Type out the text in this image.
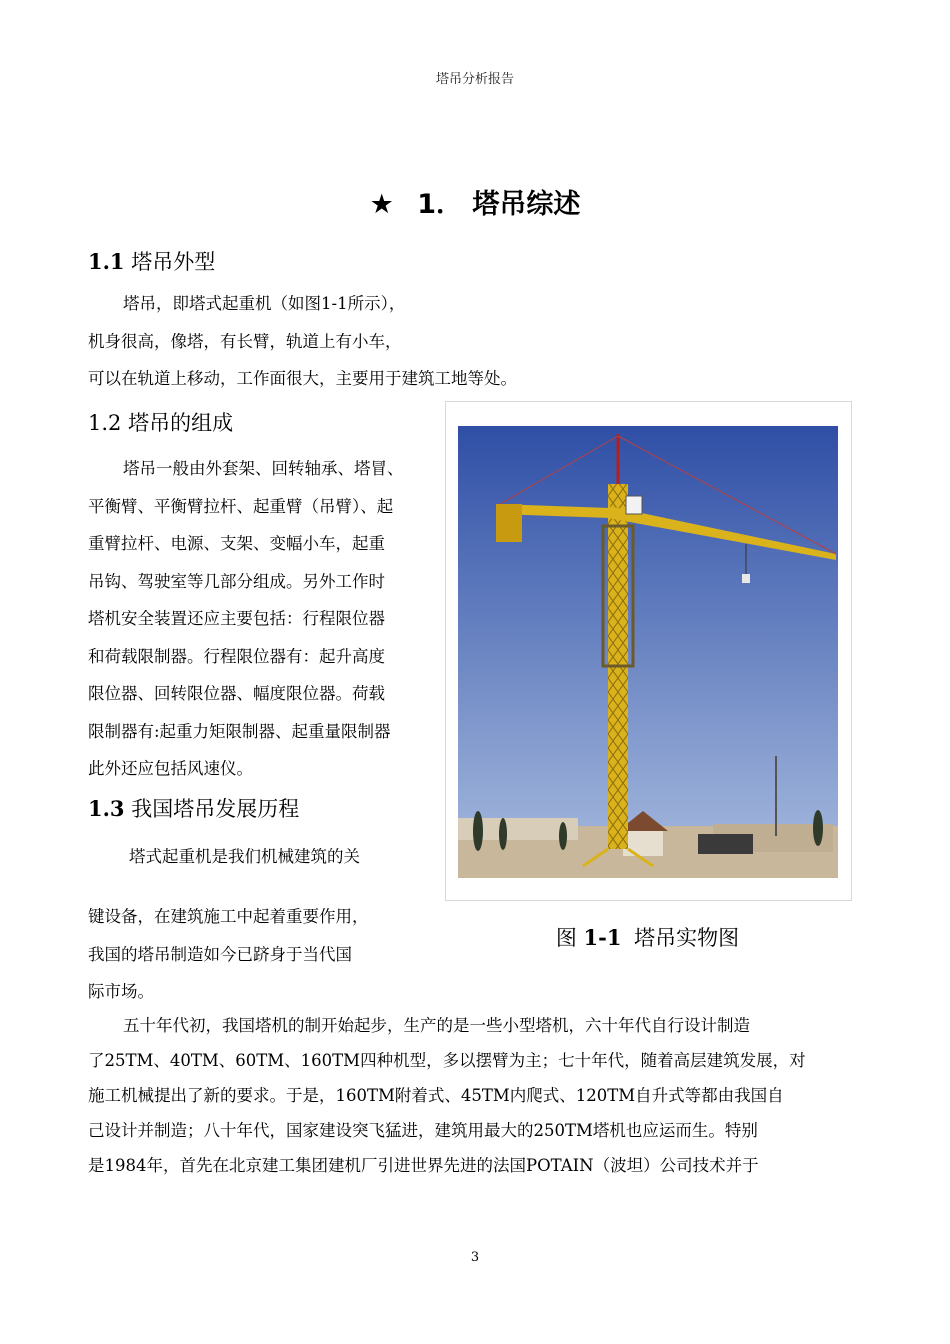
塔吊分析报告
★ 1． 塔吊综述
1.1 塔吊外型
塔吊，即塔式起重机（如图1-1所示），
机身很高，像塔，有长臂，轨道上有小车，
可以在轨道上移动，工作面很大，主要用于建筑工地等处。
1.2 塔吊的组成
塔吊一般由外套架、回转轴承、塔冒、
平衡臂、平衡臂拉杆、起重臂（吊臂）、起
重臂拉杆、电源、支架、变幅小车，起重
吊钩、驾驶室等几部分组成。另外工作时
塔机安全装置还应主要包括：行程限位器
和荷载限制器。行程限位器有：起升高度
限位器、回转限位器、幅度限位器。荷载
限制器有:起重力矩限制器、起重量限制器
此外还应包括风速仪。
1.3 我国塔吊发展历程
塔式起重机是我们机械建筑的关
键设备，在建筑施工中起着重要作用，
我国的塔吊制造如今已跻身于当代国
际市场。
五十年代初，我国塔机的制开始起步，生产的是一些小型塔机，六十年代自行设计制造
了25TM、40TM、60TM、160TM四种机型，多以摆臂为主；七十年代，随着高层建筑发展，对
施工机械提出了新的要求。于是，160TM附着式、45TM内爬式、120TM自升式等都由我国自
己设计并制造；八十年代，国家建设突飞猛进，建筑用最大的250TM塔机也应运而生。特别
是1984年，首先在北京建工集团建机厂引进世界先进的法国POTAIN（波坦）公司技术并于
图 1-1 塔吊实物图
3
